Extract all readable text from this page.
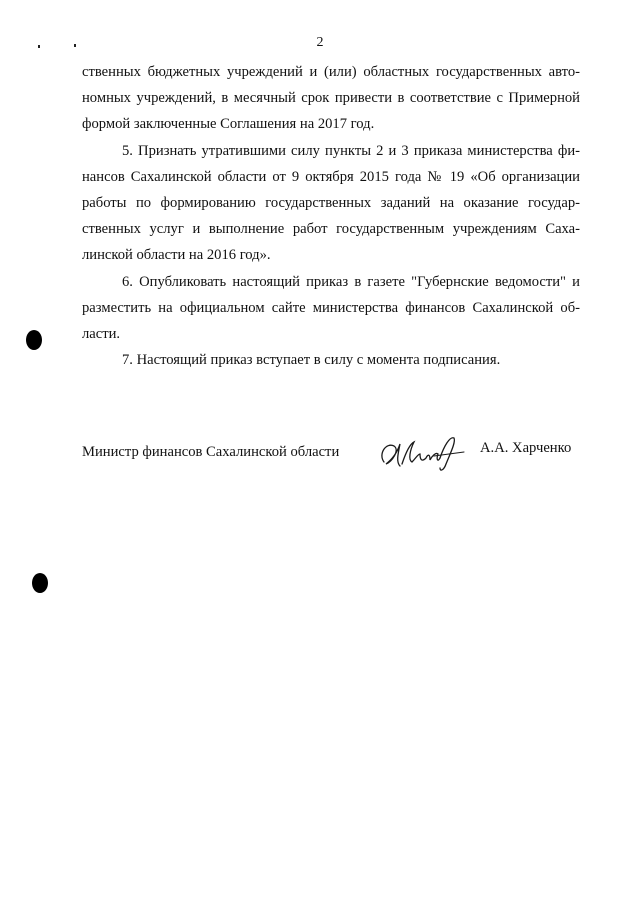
2

ственных бюджетных учреждений и (или) областных государственных авто- номных учреждений, в месячный срок привести в соответствие с Примерной формой заключенные Соглашения на 2017 год.

5. Признать утратившими силу пункты 2 и 3 приказа министерства фи- нансов Сахалинской области от 9 октября 2015 года № 19 «Об организации работы по формированию государственных заданий на оказание государ- ственных услуг и выполнение работ государственным учреждениям Саха- линской области на 2016 год».

6. Опубликовать настоящий приказ в газете "Губернские ведомости" и разместить на официальном сайте министерства финансов Сахалинской об- ласти.

7. Настоящий приказ вступает в силу с момента подписания.

Министр финансов Сахалинской области	А.А. Харченко
